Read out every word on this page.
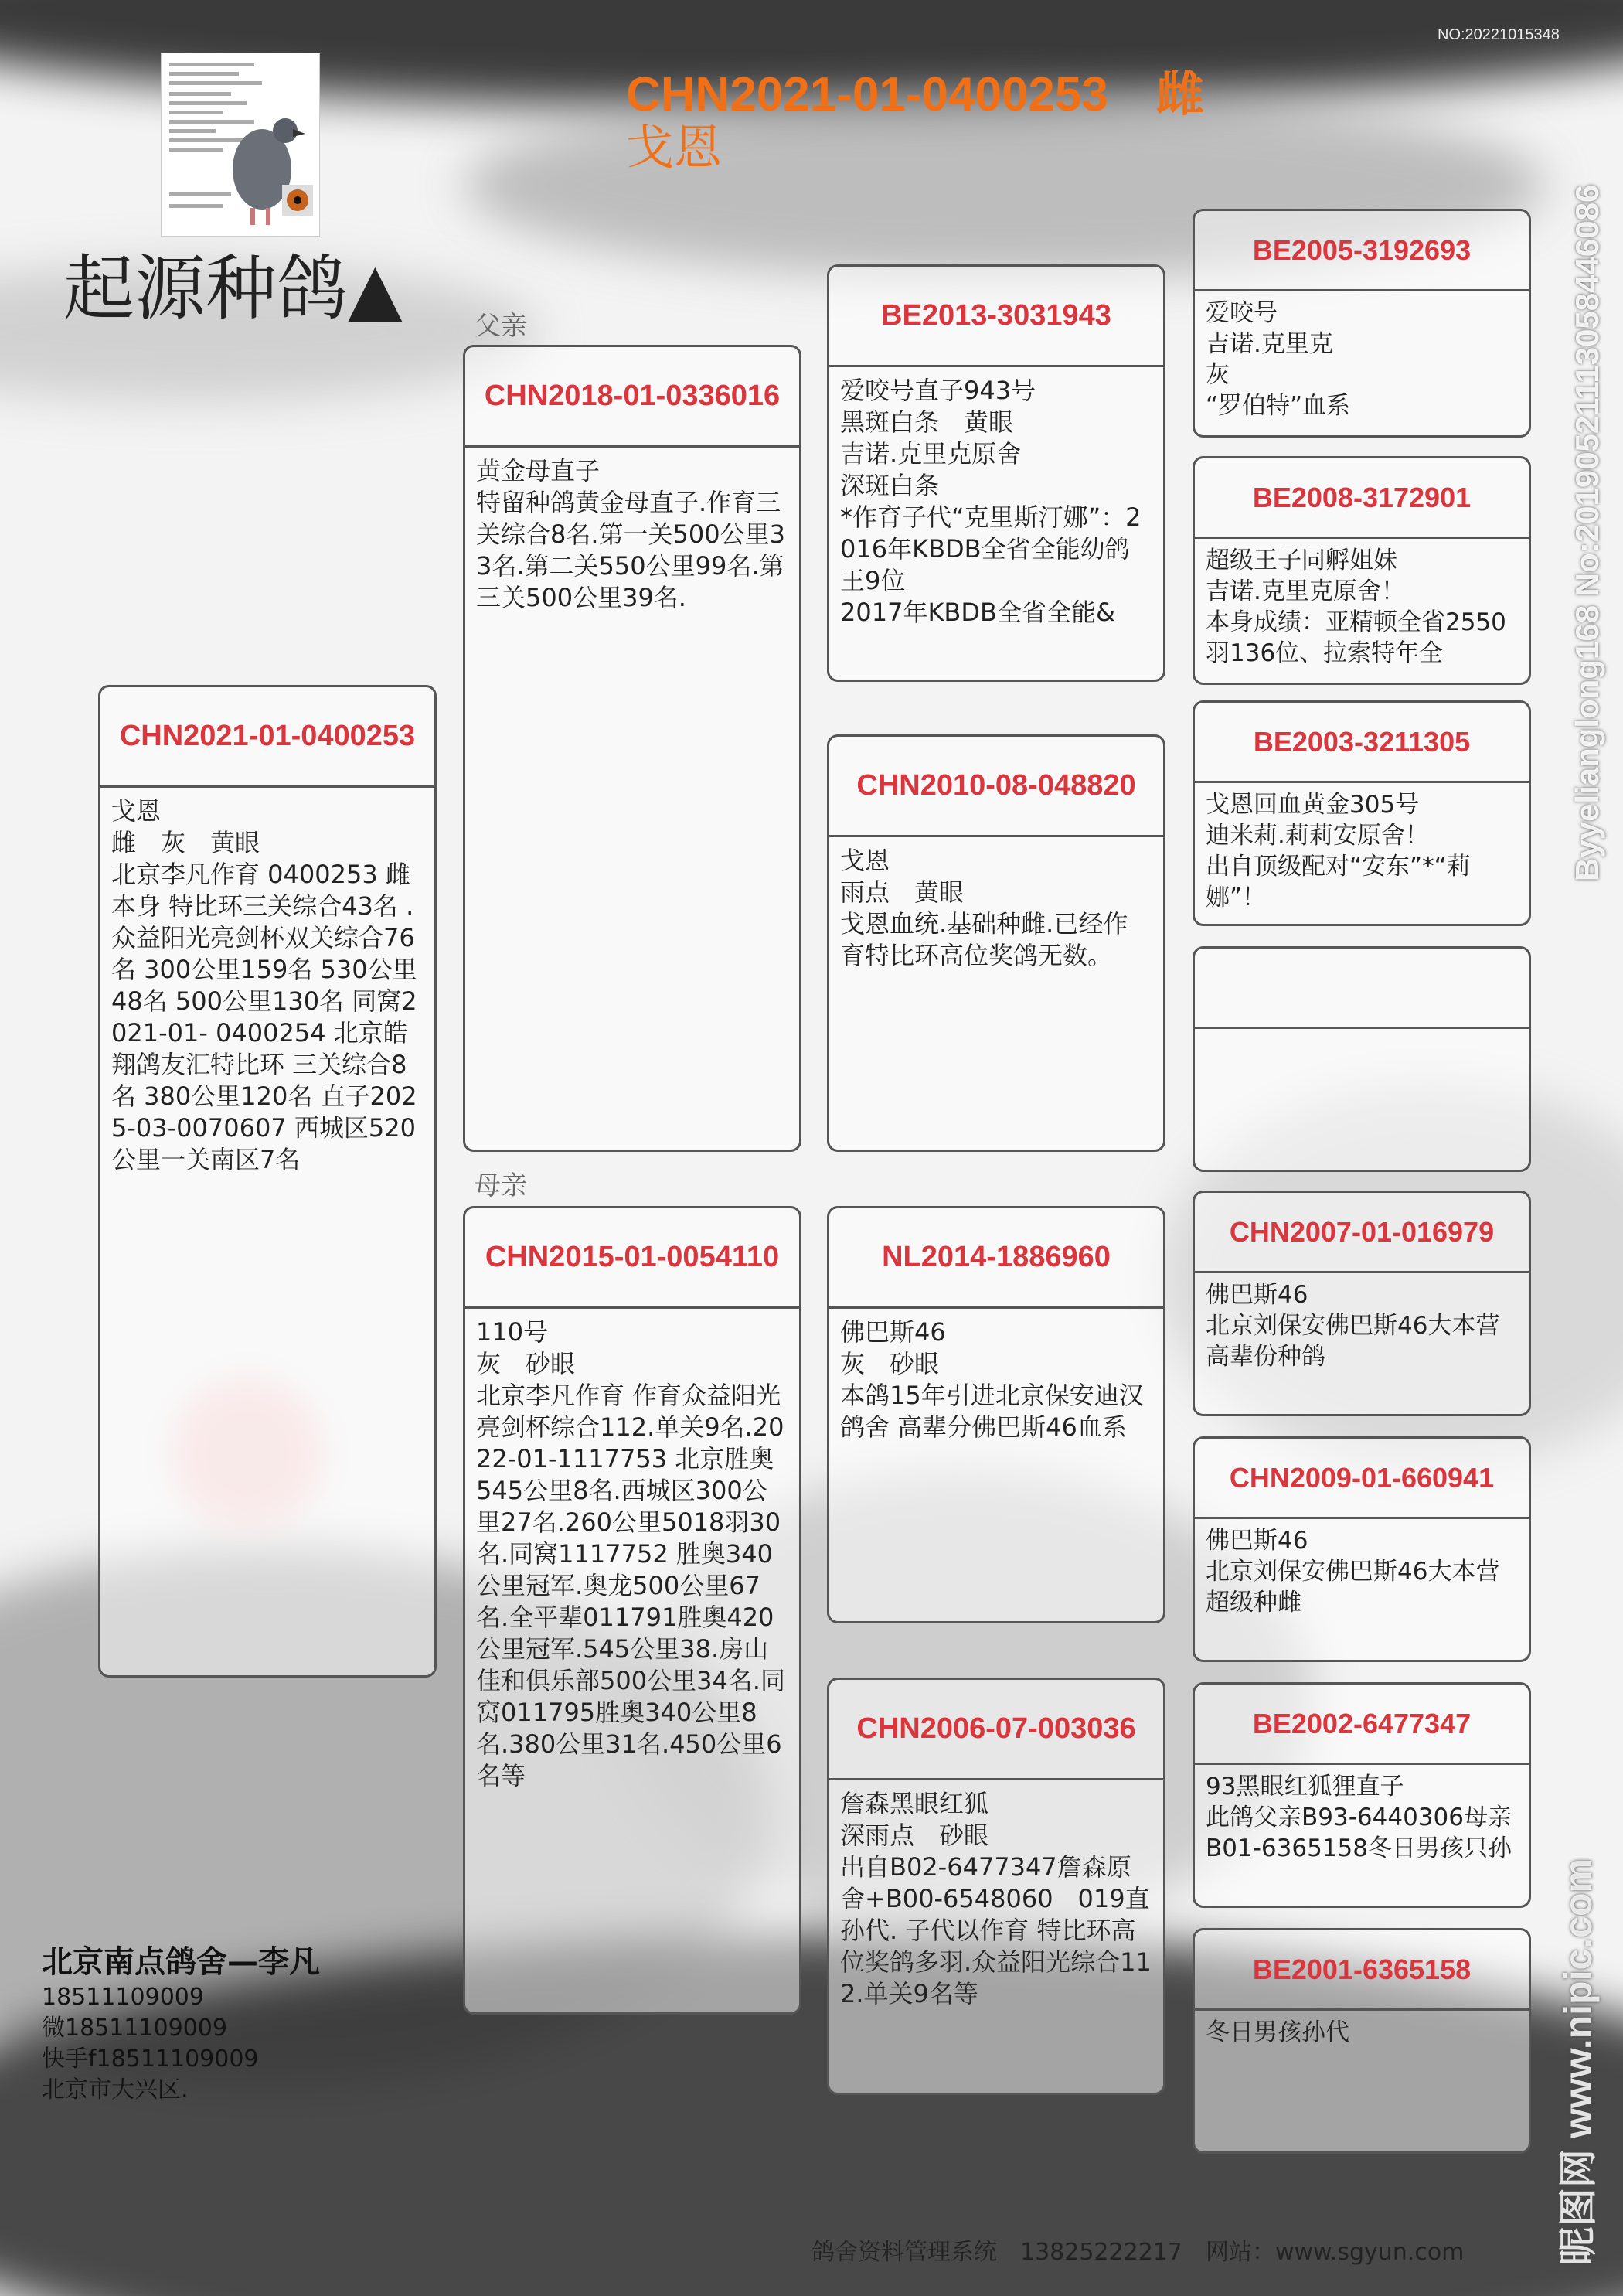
NO:20221015348
起源种鸽▲
CHN2021-01-0400253　雌
戈恩
父亲
母亲
CHN2021-01-0400253
戈恩
雌　灰　黄眼
北京李凡作育 0400253 雌 本身 特比环三关综合43名 .众益阳光亮剑杯双关综合76名 300公里159名 530公里48名 500公里130名 同窝2021-01- 0400254 北京皓翔鸽友汇特比环 三关综合8名 380公里120名 直子2025-03-0070607 西城区520公里一关南区7名
CHN2018-01-0336016
黄金母直子
特留种鸽黄金母直子.作育三关综合8名.第一关500公里33名.第二关550公里99名.第三关500公里39名.
CHN2015-01-0054110
110号
灰　砂眼
北京李凡作育 作育众益阳光亮剑杯综合112.单关9名.2022-01-1117753 北京胜奥545公里8名.西城区300公里27名.260公里5018羽30名.同窝1117752 胜奥340公里冠军.奥龙500公里67名.全平辈011791胜奥420公里冠军.545公里38.房山佳和俱乐部500公里34名.同窝011795胜奥340公里8名.380公里31名.450公里6名等
BE2013-3031943
爱咬号直子943号
黑斑白条　黄眼
吉诺.克里克原舍
深斑白条
*作育子代“克里斯汀娜”：2016年KBDB全省全能幼鸽王9位
2017年KBDB全省全能&
CHN2010-08-048820
戈恩
雨点　黄眼
戈恩血统.基础种雌.已经作育特比环高位奖鸽无数。
NL2014-1886960
佛巴斯46
灰　砂眼
本鸽15年引进北京保安迪汉鸽舍 高辈分佛巴斯46血系
CHN2006-07-003036
詹森黑眼红狐
深雨点　砂眼
出自B02-6477347詹森原舍+B00-6548060　019直孙代. 子代以作育 特比环高位奖鸽多羽.众益阳光综合112.单关9名等
BE2005-3192693
爱咬号
吉诺.克里克
灰
“罗伯特”血系
BE2008-3172901
超级王子同孵姐妹
吉诺.克里克原舍！
本身成绩：亚精顿全省2550羽136位、拉索特年全
BE2003-3211305
戈恩回血黄金305号
迪米莉.莉莉安原舍！
出自顶级配对“安东”*“莉娜”！
CHN2007-01-016979
佛巴斯46
北京刘保安佛巴斯46大本营高辈份种鸽
CHN2009-01-660941
佛巴斯46
北京刘保安佛巴斯46大本营超级种雌
BE2002-6477347
93黑眼红狐狸直子
此鸽父亲B93-6440306母亲B01-6365158冬日男孩只孙
BE2001-6365158
冬日男孩孙代
北京南点鸽舍—李凡
18511109009
微18511109009
快手f18511109009
北京市大兴区.
鸽舍资料管理系统　13825222217　网站：www.sgyun.com
Byyelianglong168 No:20190521113058446086
昵图网 www.nipic.com
